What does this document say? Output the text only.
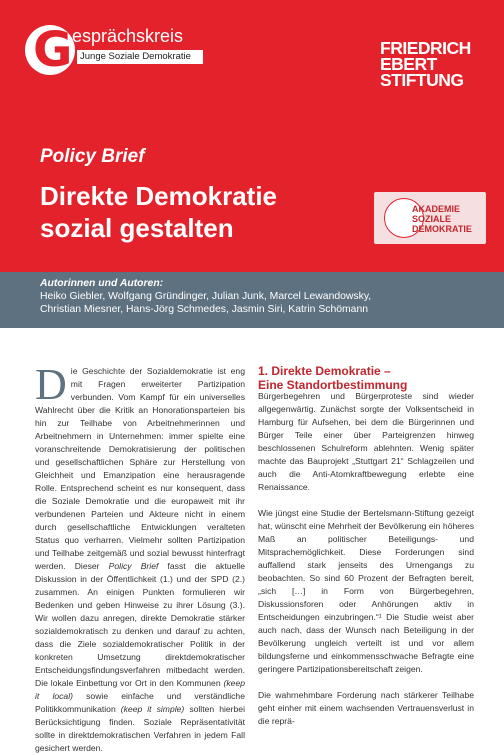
G esprächskreis
Junge Soziale Demokratie	FRIEDRICH
EBERT
STIFTUNG
Policy Brief
Direkte Demokratie
sozial gestalten
AKADEMIE
SOZIALE
DEMOKRATIE
Autorinnen und Autoren:
Heiko Giebler, Wolfgang Gründinger, Julian Junk, Marcel Lewandowsky,
Christian Miesner, Hans-Jörg Schmedes, Jasmin Siri, Katrin Schömann
Die Geschichte der Sozialdemokratie ist eng mit Fragen erweiterter Partizipation verbunden. Vom Kampf für ein universelles Wahlrecht über die Kritik an Honorationsparteien bis hin zur Teilhabe von Arbeitnehmerinnen und Arbeitnehmern in Unternehmen: immer spielte eine voranschreitende Demokratisierung der politischen und gesellschaftlichen Sphäre zur Herstellung von Gleichheit und Emanzipation eine herausragende Rolle. Entsprechend scheint es nur konsequent, dass die Soziale Demokratie und die europaweit mit ihr verbundenen Parteien und Akteure nicht in einem durch gesellschaftliche Entwicklungen veralteten Status quo verharren. Vielmehr sollten Partizipation und Teilhabe zeitgemäß und sozial bewusst hinterfragt werden. Dieser Policy Brief fasst die aktuelle Diskussion in der Öffentlichkeit (1.) und der SPD (2.) zusammen. An einigen Punkten formulieren wir Bedenken und geben Hinweise zu ihrer Lösung (3.). Wir wollen dazu anregen, direkte Demokratie stärker sozialdemokratisch zu denken und darauf zu achten, dass die Ziele sozialdemokratischer Politik in der konkreten Umsetzung direktdemokratischer Entscheidungsfindungsverfahren mitbedacht werden. Die lokale Einbettung vor Ort in den Kommunen (keep it local) sowie einfache und verständliche Politikkommunikation (keep it simple) sollten hierbei Berücksichtigung finden. Soziale Repräsentativität sollte in direktdemokratischen Verfahren in jedem Fall gesichert werden.
1. Direkte Demokratie –
Eine Standortbestimmung

Bürgerbegehren und Bürgerproteste sind wieder allgegenwärtig. Zunächst sorgte der Volksentscheid in Hamburg für Aufsehen, bei dem die Bürgerinnen und Bürger Teile einer über Parteigrenzen hinweg beschlossenen Schulreform ablehnten. Wenig später machte das Bauprojekt „Stuttgart 21“ Schlagzeilen und auch die Anti-Atomkraftbewegung erlebte eine Renaissance.

Wie jüngst eine Studie der Bertelsmann-Stiftung gezeigt hat, wünscht eine Mehrheit der Bevölkerung ein höheres Maß an politischer Beteiligungs- und Mitsprachemöglichkeit. Diese Forderungen sind auffallend stark jenseits des Urnengangs zu beobachten. So sind 60 Prozent der Befragten bereit, „sich […] in Form von Bürgerbegehren, Diskussionsforen oder Anhörungen aktiv in Entscheidungen einzubringen.“¹ Die Studie weist aber auch nach, dass der Wunsch nach Beteiligung in der Bevölkerung ungleich verteilt ist und vor allem bildungsferne und einkommensschwache Befragte eine geringere Partizipationsbereitschaft zeigen.

Die wahrnehmbare Forderung nach stärkerer Teilhabe geht einher mit einem wachsenden Vertrauensverlust in die reprä-
